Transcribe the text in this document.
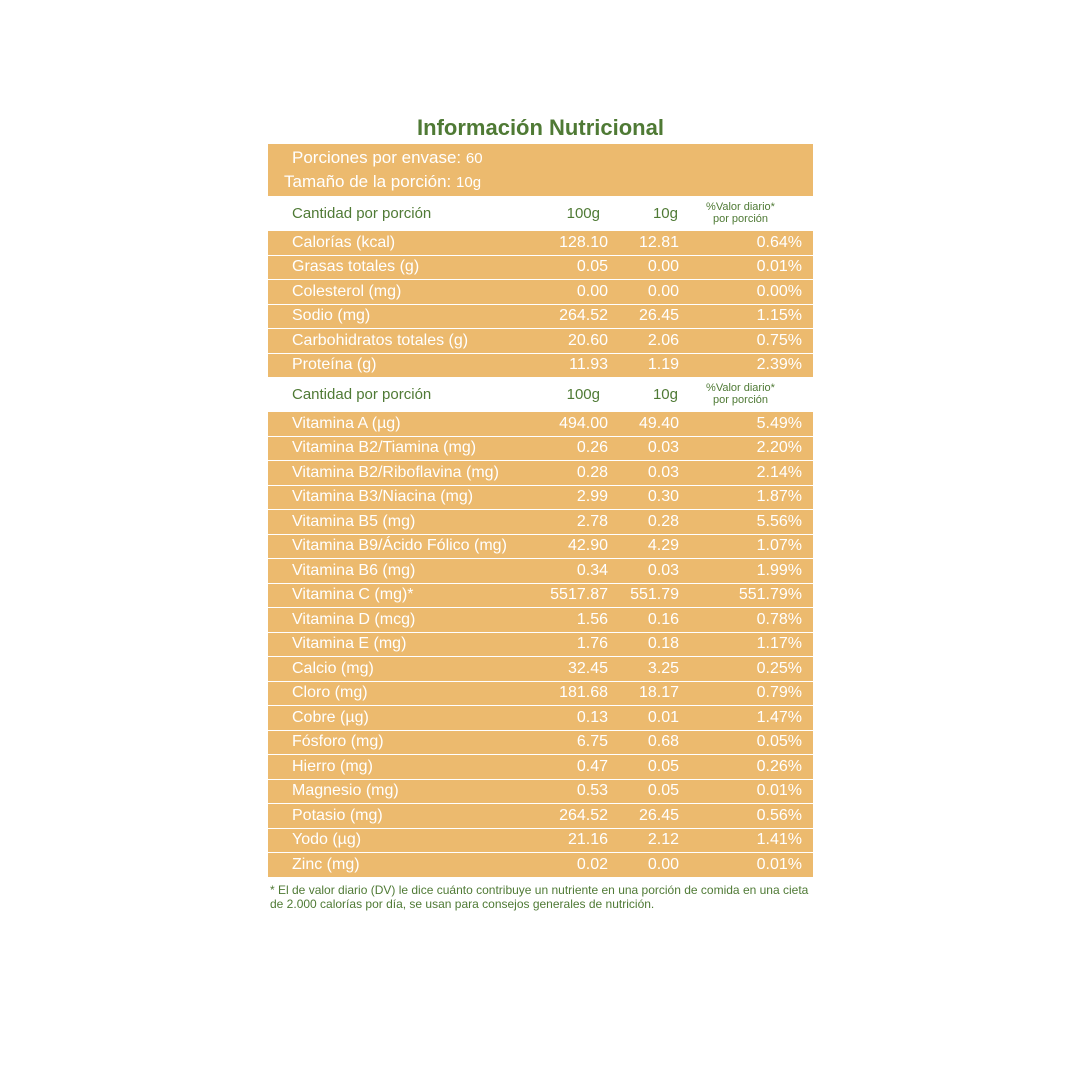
Información Nutricional
Porciones por envase: 60
Tamaño de la porción: 10g
Cantidad por porción	100g	10g	%Valor diario*
por porción
Calorías (kcal)	128.10	12.81	0.64%
Grasas totales (g)	0.05	0.00	0.01%
Colesterol (mg)	0.00	0.00	0.00%
Sodio (mg)	264.52	26.45	1.15%
Carbohidratos totales (g)	20.60	2.06	0.75%
Proteína (g)	11.93	1.19	2.39%
Cantidad por porción	100g	10g	%Valor diario*
por porción
Vitamina A (µg)	494.00	49.40	5.49%
Vitamina B2/Tiamina (mg)	0.26	0.03	2.20%
Vitamina B2/Riboflavina (mg)	0.28	0.03	2.14%
Vitamina B3/Niacina (mg)	2.99	0.30	1.87%
Vitamina B5 (mg)	2.78	0.28	5.56%
Vitamina B9/Ácido Fólico (mg)	42.90	4.29	1.07%
Vitamina B6 (mg)	0.34	0.03	1.99%
Vitamina C (mg)*	5517.87	551.79	551.79%
Vitamina D (mcg)	1.56	0.16	0.78%
Vitamina E (mg)	1.76	0.18	1.17%
Calcio (mg)	32.45	3.25	0.25%
Cloro (mg)	181.68	18.17	0.79%
Cobre (µg)	0.13	0.01	1.47%
Fósforo (mg)	6.75	0.68	0.05%
Hierro (mg)	0.47	0.05	0.26%
Magnesio (mg)	0.53	0.05	0.01%
Potasio (mg)	264.52	26.45	0.56%
Yodo (µg)	21.16	2.12	1.41%
Zinc (mg)	0.02	0.00	0.01%
* El de valor diario (DV) le dice cuánto contribuye un nutriente en una porción de comida en una cieta de 2.000 calorías por día, se usan para consejos generales de nutrición.
